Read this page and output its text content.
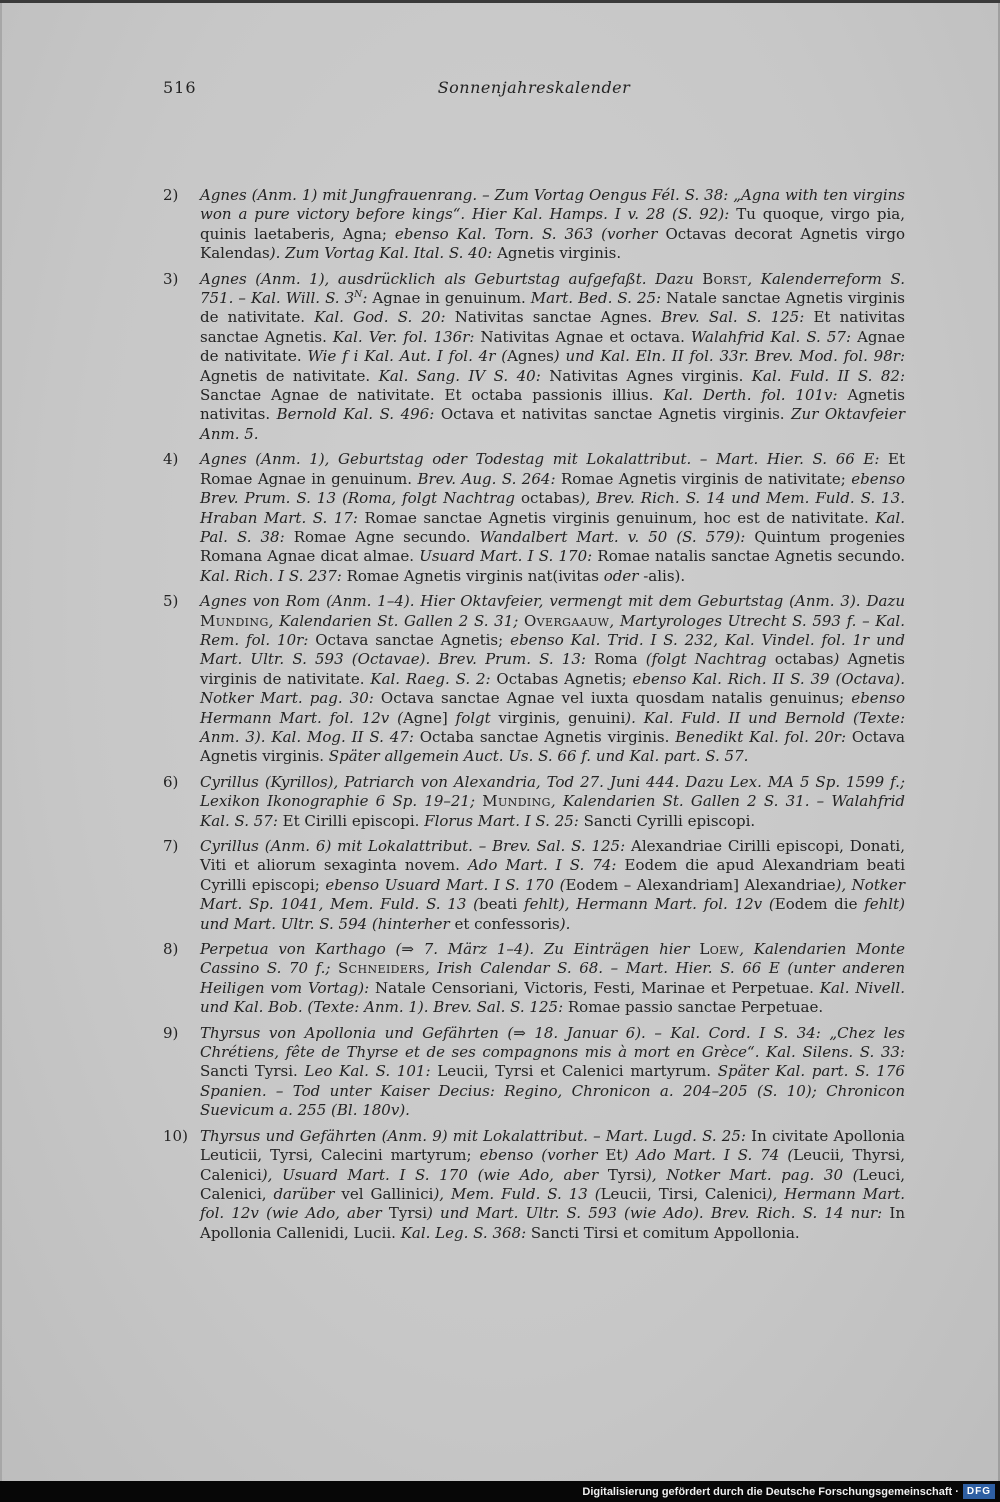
516	Sonnenjahreskalender
2)	Agnes (Anm. 1) mit Jungfrauenrang. – Zum Vortag Oengus Fél. S. 38: „Agna with ten virgins won a pure victory before kings“. Hier Kal. Hamps. I v. 28 (S. 92): Tu quoque, virgo pia, quinis laetaberis, Agna; ebenso Kal. Torn. S. 363 (vorher Octavas decorat Agnetis virgo Kalendas). Zum Vortag Kal. Ital. S. 40: Agnetis virginis.
3)	Agnes (Anm. 1), ausdrücklich als Geburtstag aufgefaßt. Dazu Borst, Kalenderreform S. 751. – Kal. Will. S. $3^N$: Agnae in genuinum. Mart. Bed. S. 25: Natale sanctae Agnetis virginis de nativitate. Kal. God. S. 20: Nativitas sanctae Agnes. Brev. Sal. S. 125: Et nativitas sanctae Agnetis. Kal. Ver. fol. 136r: Nativitas Agnae et octava. Walahfrid Kal. S. 57: Agnae de nativitate. Wie f i Kal. Aut. I fol. 4r (Agnes) und Kal. Eln. II fol. 33r. Brev. Mod. fol. 98r: Agnetis de nativitate. Kal. Sang. IV S. 40: Nativitas Agnes virginis. Kal. Fuld. II S. 82: Sanctae Agnae de nativitate. Et octaba passionis illius. Kal. Derth. fol. 101v: Agnetis nativitas. Bernold Kal. S. 496: Octava et nativitas sanctae Agnetis virginis. Zur Oktavfeier Anm. 5.
4)	Agnes (Anm. 1), Geburtstag oder Todestag mit Lokalattribut. – Mart. Hier. S. 66 E: Et Romae Agnae in genuinum. Brev. Aug. S. 264: Romae Agnetis virginis de nativitate; ebenso Brev. Prum. S. 13 (Roma, folgt Nachtrag octabas), Brev. Rich. S. 14 und Mem. Fuld. S. 13. Hraban Mart. S. 17: Romae sanctae Agnetis virginis genuinum, hoc est de nativitate. Kal. Pal. S. 38: Romae Agne secundo. Wandalbert Mart. v. 50 (S. 579): Quintum progenies Romana Agnae dicat almae. Usuard Mart. I S. 170: Romae natalis sanctae Agnetis secundo. Kal. Rich. I S. 237: Romae Agnetis virginis nat(ivitas oder -alis).
5)	Agnes von Rom (Anm. 1–4). Hier Oktavfeier, vermengt mit dem Geburtstag (Anm. 3). Dazu Munding, Kalendarien St. Gallen 2 S. 31; Overgaauw, Martyrologes Utrecht S. 593 f. – Kal. Rem. fol. 10r: Octava sanctae Agnetis; ebenso Kal. Trid. I S. 232, Kal. Vindel. fol. 1r und Mart. Ultr. S. 593 (Octavae). Brev. Prum. S. 13: Roma (folgt Nachtrag octabas) Agnetis virginis de nativitate. Kal. Raeg. S. 2: Octabas Agnetis; ebenso Kal. Rich. II S. 39 (Octava). Notker Mart. pag. 30: Octava sanctae Agnae vel iuxta quosdam natalis genuinus; ebenso Hermann Mart. fol. 12v (Agne] folgt virginis, genuini). Kal. Fuld. II und Bernold (Texte: Anm. 3). Kal. Mog. II S. 47: Octaba sanctae Agnetis virginis. Benedikt Kal. fol. 20r: Octava Agnetis virginis. Später allgemein Auct. Us. S. 66 f. und Kal. part. S. 57.
6)	Cyrillus (Kyrillos), Patriarch von Alexandria, Tod 27. Juni 444. Dazu Lex. MA 5 Sp. 1599 f.; Lexikon Ikonographie 6 Sp. 19–21; Munding, Kalendarien St. Gallen 2 S. 31. – Walahfrid Kal. S. 57: Et Cirilli episcopi. Florus Mart. I S. 25: Sancti Cyrilli episcopi.
7)	Cyrillus (Anm. 6) mit Lokalattribut. – Brev. Sal. S. 125: Alexandriae Cirilli episcopi, Donati, Viti et aliorum sexaginta novem. Ado Mart. I S. 74: Eodem die apud Alexandriam beati Cyrilli episcopi; ebenso Usuard Mart. I S. 170 (Eodem – Alexandriam] Alexandriae), Notker Mart. Sp. 1041, Mem. Fuld. S. 13 (beati fehlt), Hermann Mart. fol. 12v (Eodem die fehlt) und Mart. Ultr. S. 594 (hinterher et confessoris).
8)	Perpetua von Karthago (⇒ 7. März 1–4). Zu Einträgen hier Loew, Kalendarien Monte Cassino S. 70 f.; Schneiders, Irish Calendar S. 68. – Mart. Hier. S. 66 E (unter anderen Heiligen vom Vortag): Natale Censoriani, Victoris, Festi, Marinae et Perpetuae. Kal. Nivell. und Kal. Bob. (Texte: Anm. 1). Brev. Sal. S. 125: Romae passio sanctae Perpetuae.
9)	Thyrsus von Apollonia und Gefährten (⇒ 18. Januar 6). – Kal. Cord. I S. 34: „Chez les Chrétiens, fête de Thyrse et de ses compagnons mis à mort en Grèce“. Kal. Silens. S. 33: Sancti Tyrsi. Leo Kal. S. 101: Leucii, Tyrsi et Calenici martyrum. Später Kal. part. S. 176 Spanien. – Tod unter Kaiser Decius: Regino, Chronicon a. 204–205 (S. 10); Chronicon Suevicum a. 255 (Bl. 180v).
10) Thyrsus und Gefährten (Anm. 9) mit Lokalattribut. – Mart. Lugd. S. 25: In civitate Apollonia Leuticii, Tyrsi, Calecini martyrum; ebenso (vorher Et) Ado Mart. I S. 74 (Leucii, Thyrsi, Calenici), Usuard Mart. I S. 170 (wie Ado, aber Tyrsi), Notker Mart. pag. 30 (Leuci, Calenici, darüber vel Gallinici), Mem. Fuld. S. 13 (Leucii, Tirsi, Calenici), Hermann Mart. fol. 12v (wie Ado, aber Tyrsi) und Mart. Ultr. S. 593 (wie Ado). Brev. Rich. S. 14 nur: In Apollonia Callenidi, Lucii. Kal. Leg. S. 368: Sancti Tirsi et comitum Appollonia.
Digitalisierung gefördert durch die Deutsche Forschungsgemeinschaft · DFG
